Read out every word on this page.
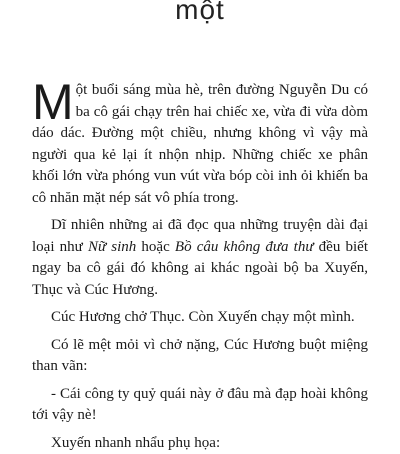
một

Một buổi sáng mùa hè, trên đường Nguyễn Du có ba cô gái chạy trên hai chiếc xe, vừa đi vừa dòm dáo dác. Đường một chiều, nhưng không vì vậy mà người qua kẻ lại ít nhộn nhịp. Những chiếc xe phân khối lớn vừa phóng vun vút vừa bóp còi inh ỏi khiến ba cô nhăn mặt nép sát vô phía trong.

Dĩ nhiên những ai đã đọc qua những truyện dài đại loại như Nữ sinh hoặc Bồ câu không đưa thư đều biết ngay ba cô gái đó không ai khác ngoài bộ ba Xuyến, Thục và Cúc Hương.

Cúc Hương chở Thục. Còn Xuyến chạy một mình.

Có lẽ mệt mỏi vì chở nặng, Cúc Hương buột miệng than vãn:

- Cái công ty quỷ quái này ở đâu mà đạp hoài không tới vậy nè!

Xuyến nhanh nhẩu phụ họa:
